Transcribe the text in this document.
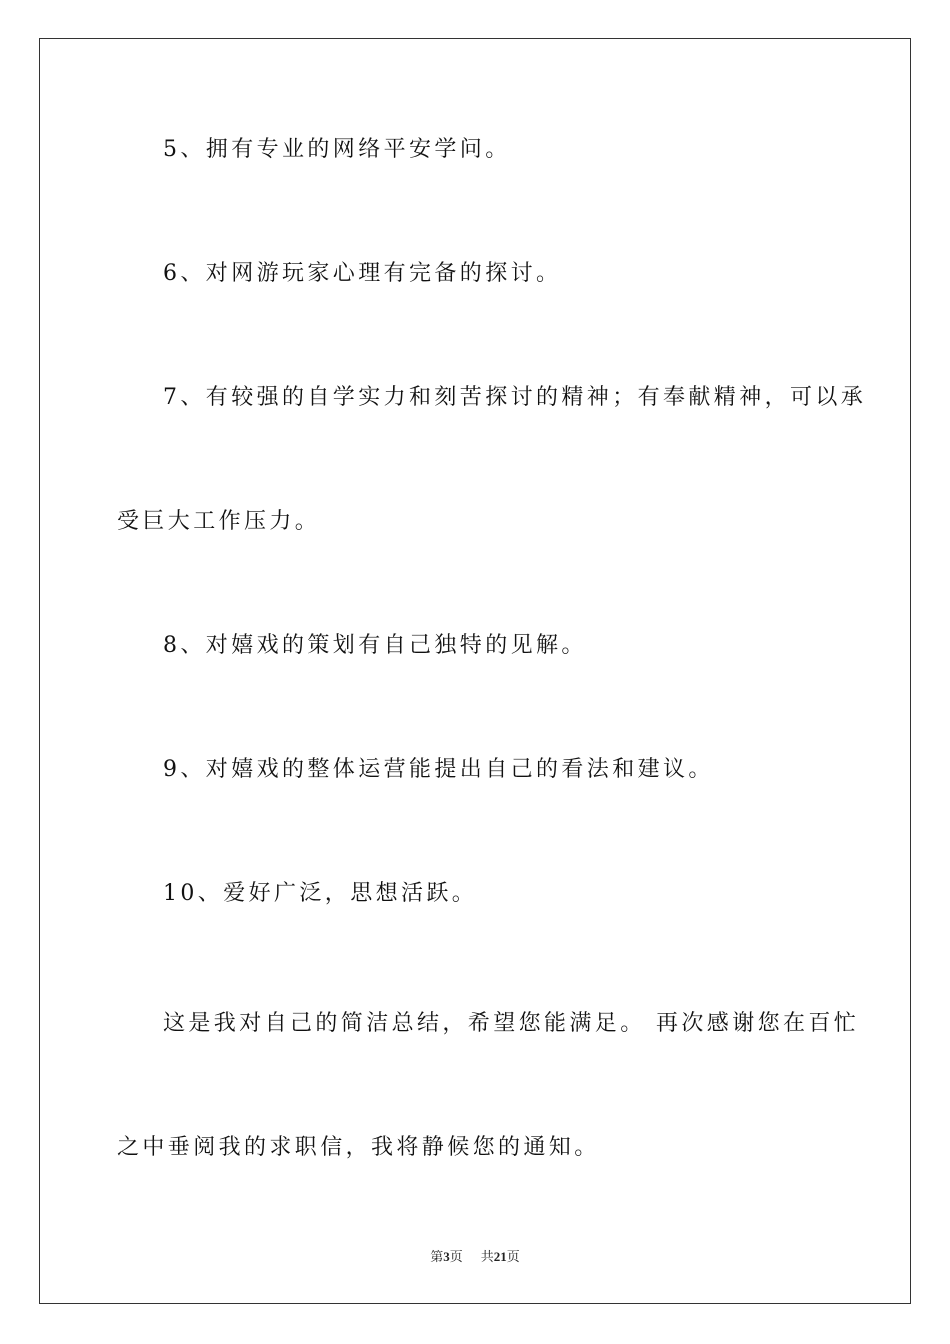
5、拥有专业的网络平安学问。
6、对网游玩家心理有完备的探讨。
7、有较强的自学实力和刻苦探讨的精神；有奉献精神，可以承
受巨大工作压力。
8、对嬉戏的策划有自己独特的见解。
9、对嬉戏的整体运营能提出自己的看法和建议。
10、爱好广泛，思想活跃。
这是我对自己的简洁总结，希望您能满足。 再次感谢您在百忙
之中垂阅我的求职信，我将静候您的通知。
第3页 共21页
